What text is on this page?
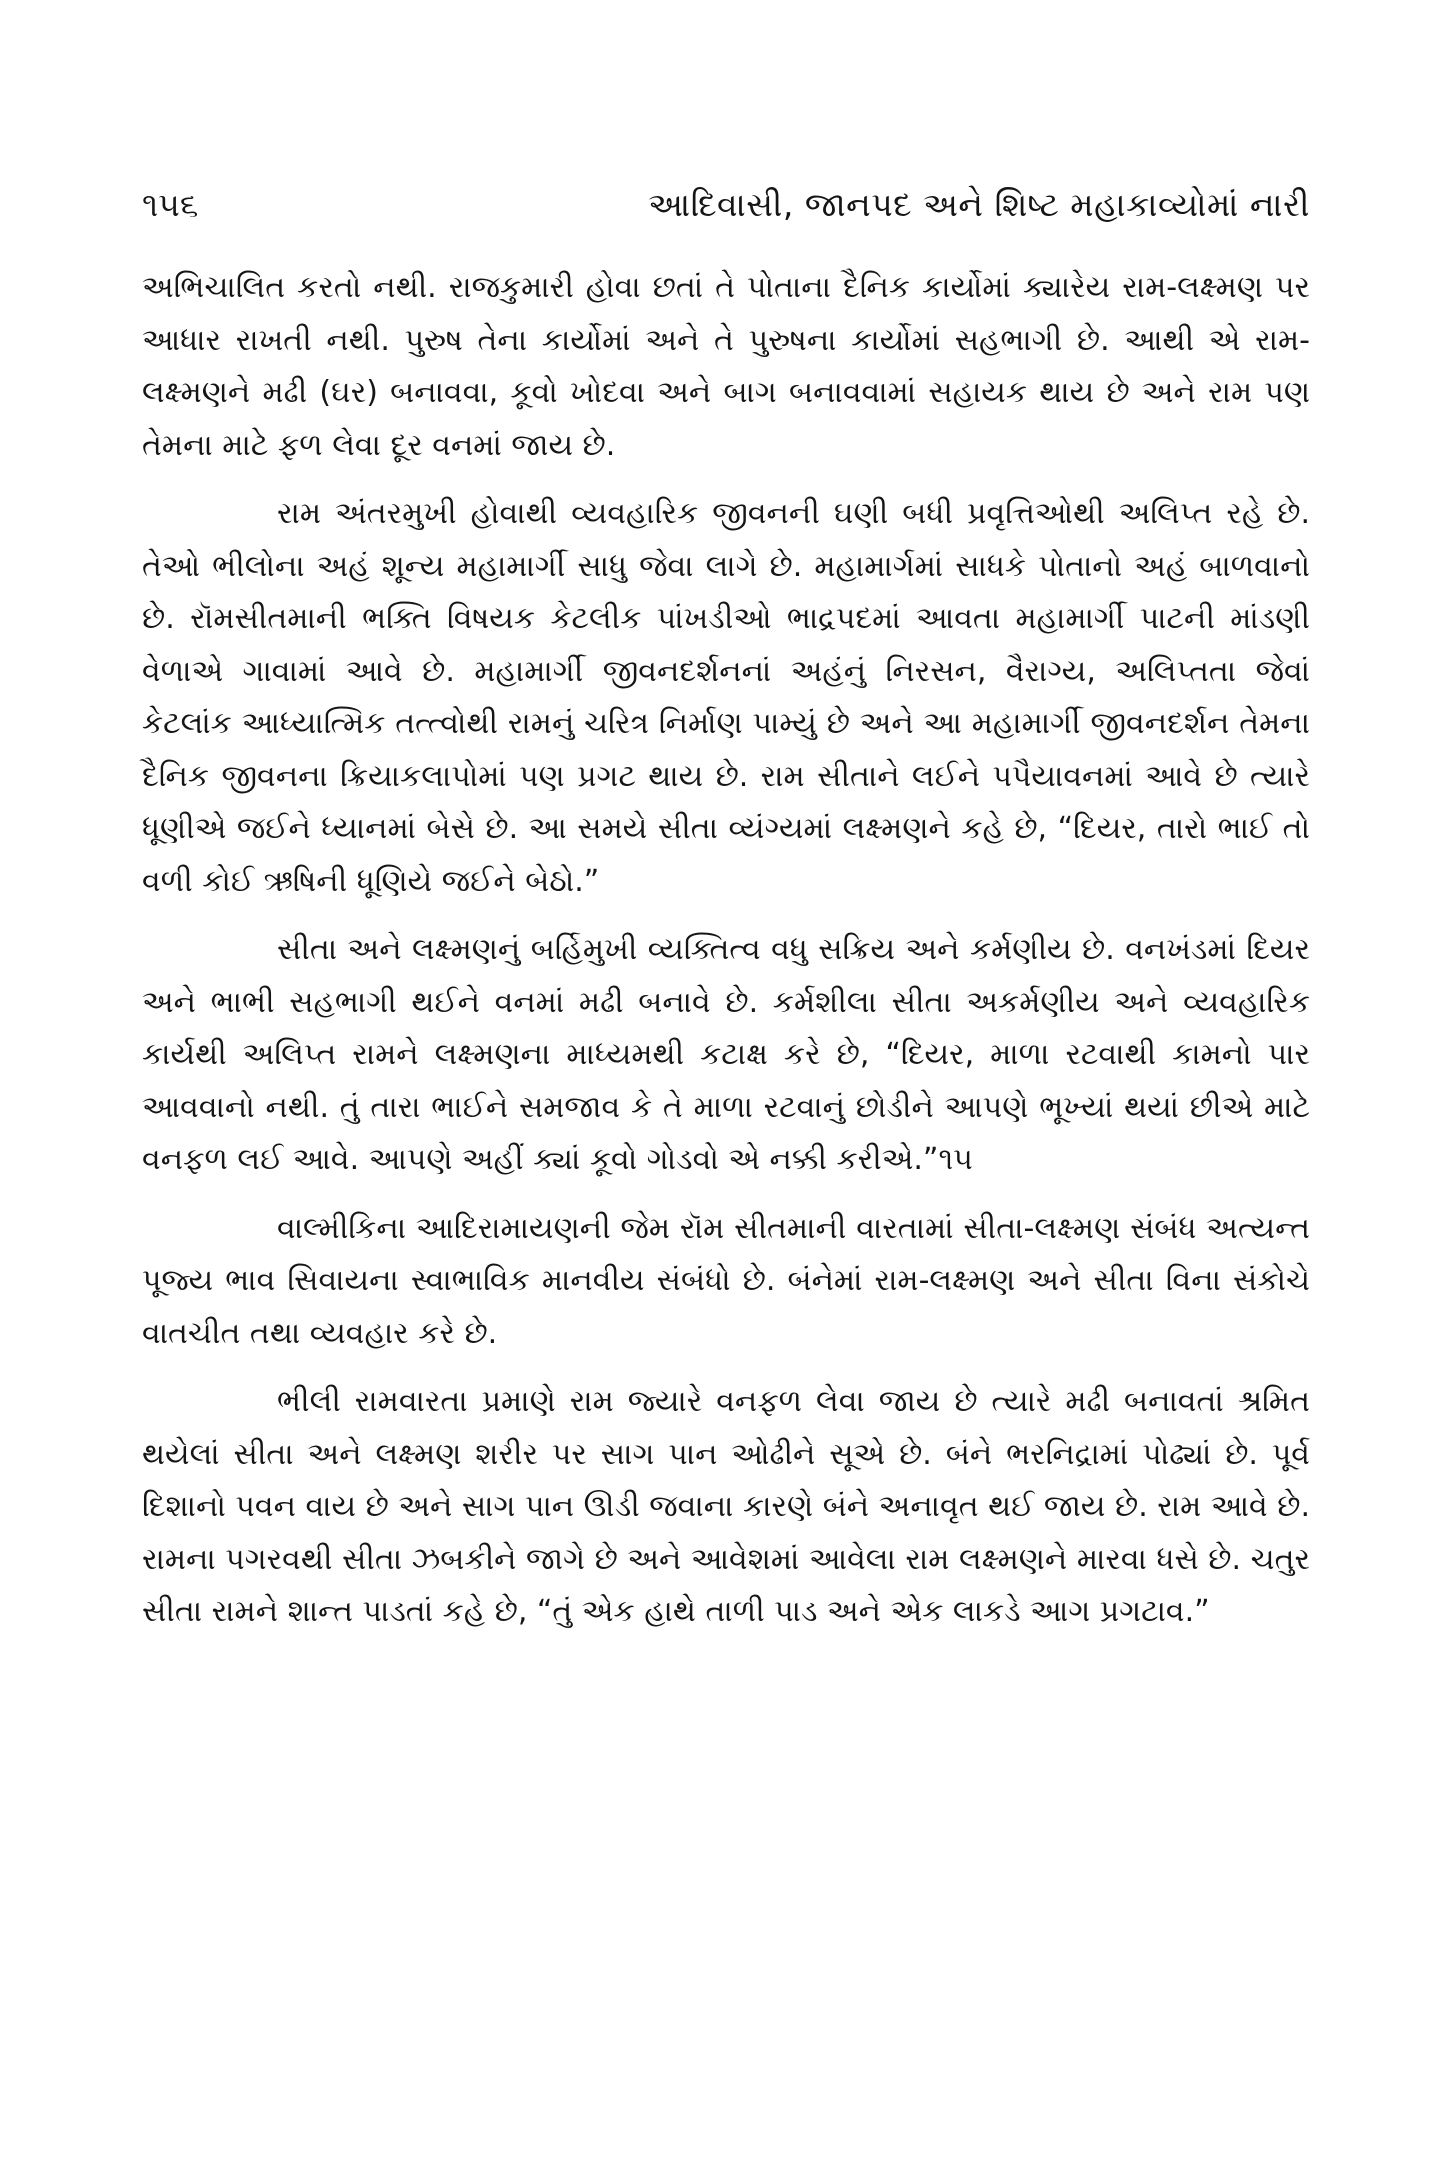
૧૫૬	આદિવાસી, જાનપદ અને શિષ્ટ મહાકાવ્યોમાં નારી

અભિચાલિત કરતો નથી. રાજકુમારી હોવા છતાં તે પોતાના દૈનિક કાર્યોમાં ક્યારેય રામ-લક્ષ્મણ પર આધાર રાખતી નથી. પુરુષ તેના કાર્યોમાં અને તે પુરુષના કાર્યોમાં સહભાગી છે. આથી એ રામ-લક્ષ્મણને મઢી (ઘર) બનાવવા, કૂવો ખોદવા અને બાગ બનાવવામાં સહાયક થાય છે અને રામ પણ તેમના માટે ફળ લેવા દૂર વનમાં જાય છે.

રામ અંતરમુખી હોવાથી વ્યવહારિક જીવનની ઘણી બધી પ્રવૃત્તિઓથી અલિપ્ત રહે છે. તેઓ ભીલોના અહં શૂન્ય મહામાર્ગી સાધુ જેવા લાગે છે. મહામાર્ગમાં સાધકે પોતાનો અહં બાળવાનો છે. રૉમસીતમાની ભક્તિ વિષયક કેટલીક પાંખડીઓ ભાદ્રપદમાં આવતા મહામાર્ગી પાટની માંડણી વેળાએ ગાવામાં આવે છે. મહામાર્ગી જીવનદર્શનનાં અહંનું નિરસન, વૈરાગ્ય, અલિપ્તતા જેવાં કેટલાંક આધ્યાત્મિક તત્ત્વોથી રામનું ચરિત્ર નિર્માણ પામ્યું છે અને આ મહામાર્ગી જીવનદર્શન તેમના દૈનિક જીવનના ક્રિયાકલાપોમાં પણ પ્રગટ થાય છે. રામ સીતાને લઈને પપૈયાવનમાં આવે છે ત્યારે ધૂણીએ જઈને ધ્યાનમાં બેસે છે. આ સમયે સીતા વ્યંગ્યમાં લક્ષ્મણને કહે છે, “દિયર, તારો ભાઈ તો વળી કોઈ ઋષિની ધૂણિયે જઈને બેઠો.”

સીતા અને લક્ષ્મણનું બર્હિમુખી વ્યક્તિત્વ વધુ સક્રિય અને કર્મણીય છે. વનખંડમાં દિયર અને ભાભી સહભાગી થઈને વનમાં મઢી બનાવે છે. કર્મશીલા સીતા અકર્મણીય અને વ્યવહારિક કાર્યથી અલિપ્ત રામને લક્ષ્મણના માધ્યમથી કટાક્ષ કરે છે, “દિયર, માળા રટવાથી કામનો પાર આવવાનો નથી. તું તારા ભાઈને સમજાવ કે તે માળા રટવાનું છોડીને આપણે ભૂખ્યાં થયાં છીએ માટે વનફળ લઈ આવે. આપણે અહીં ક્યાં કૂવો ગોડવો એ નક્કી કરીએ.”૧૫

વાલ્મીકિના આદિરામાયણની જેમ રૉમ સીતમાની વારતામાં સીતા-લક્ષ્મણ સંબંધ અત્યન્ત પૂજ્ય ભાવ સિવાયના સ્વાભાવિક માનવીય સંબંધો છે. બંનેમાં રામ-લક્ષ્મણ અને સીતા વિના સંકોચે વાતચીત તથા વ્યવહાર કરે છે.

ભીલી રામવારતા પ્રમાણે રામ જ્યારે વનફળ લેવા જાય છે ત્યારે મઢી બનાવતાં શ્રમિત થયેલાં સીતા અને લક્ષ્મણ શરીર પર સાગ પાન ઓઢીને સૂએ છે. બંને ભરનિદ્રામાં પોઢ્યાં છે. પૂર્વ દિશાનો પવન વાય છે અને સાગ પાન ઊડી જવાના કારણે બંને અનાવૃત થઈ જાય છે. રામ આવે છે. રામના પગરવથી સીતા ઝબકીને જાગે છે અને આવેશમાં આવેલા રામ લક્ષ્મણને મારવા ધસે છે. ચતુર સીતા રામને શાન્ત પાડતાં કહે છે, “તું એક હાથે તાળી પાડ અને એક લાકડે આગ પ્રગટાવ.”
